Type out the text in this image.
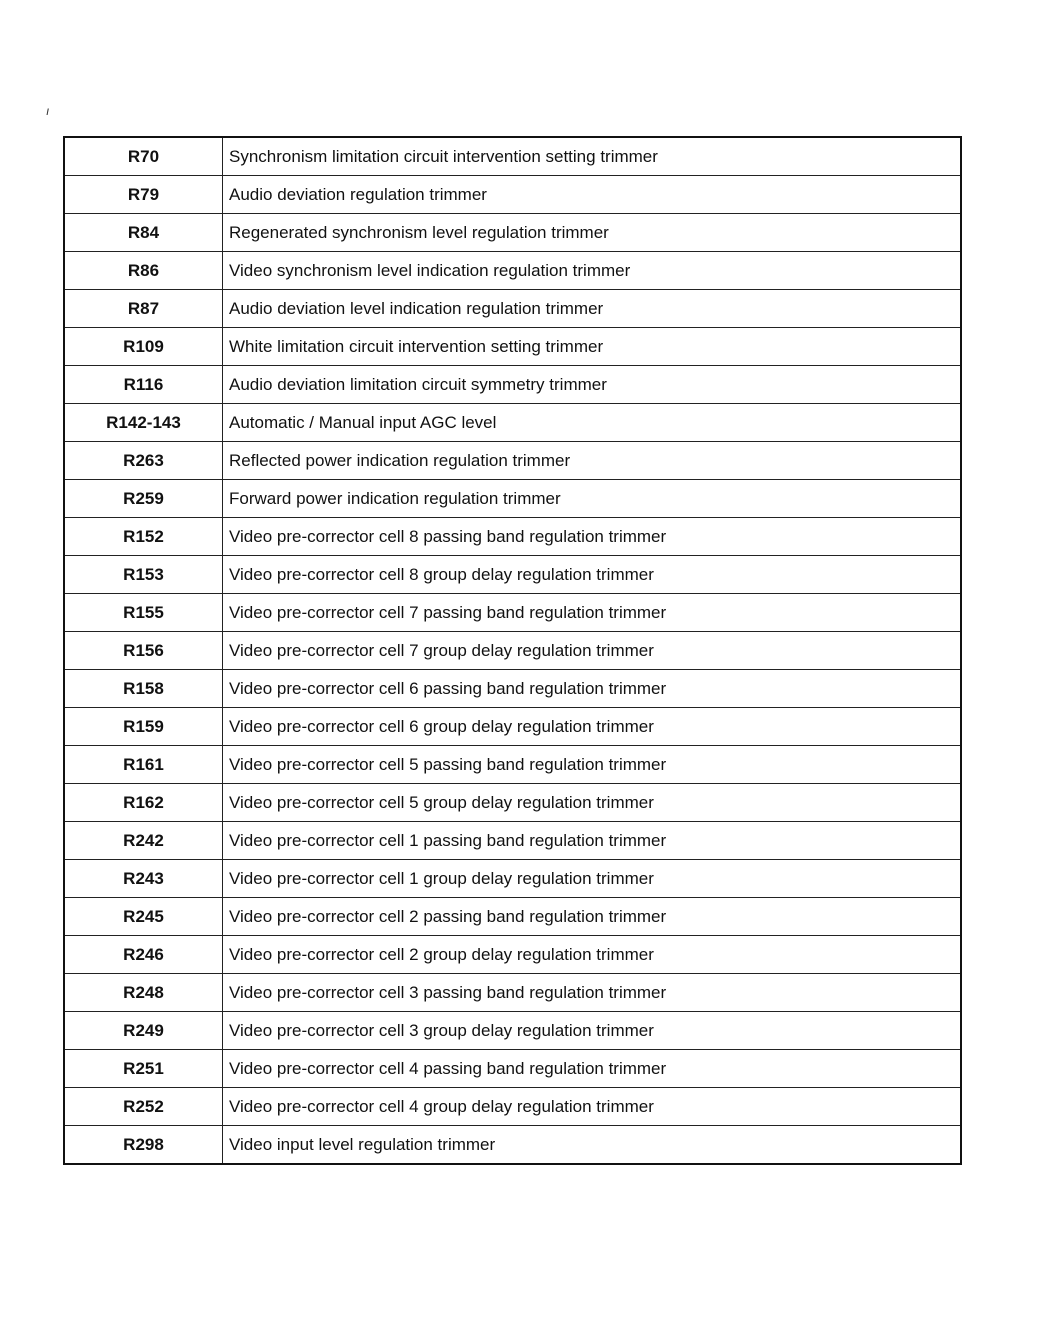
ı
R70	Synchronism limitation circuit intervention setting trimmer
R79	Audio deviation regulation trimmer
R84	Regenerated synchronism level regulation trimmer
R86	Video synchronism level indication regulation trimmer
R87	Audio deviation level indication regulation trimmer
R109	White limitation circuit intervention setting trimmer
R116	Audio deviation limitation circuit symmetry trimmer
R142-143	Automatic / Manual input AGC level
R263	Reflected power indication regulation trimmer
R259	Forward power indication regulation trimmer
R152	Video pre-corrector cell 8 passing band regulation trimmer
R153	Video pre-corrector cell 8 group delay regulation trimmer
R155	Video pre-corrector cell 7 passing band regulation trimmer
R156	Video pre-corrector cell 7 group delay regulation trimmer
R158	Video pre-corrector cell 6 passing band regulation trimmer
R159	Video pre-corrector cell 6 group delay regulation trimmer
R161	Video pre-corrector cell 5 passing band regulation trimmer
R162	Video pre-corrector cell 5 group delay regulation trimmer
R242	Video pre-corrector cell 1 passing band regulation trimmer
R243	Video pre-corrector cell 1 group delay regulation trimmer
R245	Video pre-corrector cell 2 passing band regulation trimmer
R246	Video pre-corrector cell 2 group delay regulation trimmer
R248	Video pre-corrector cell 3 passing band regulation trimmer
R249	Video pre-corrector cell 3 group delay regulation trimmer
R251	Video pre-corrector cell 4 passing band regulation trimmer
R252	Video pre-corrector cell 4 group delay regulation trimmer
R298	Video input level regulation trimmer
